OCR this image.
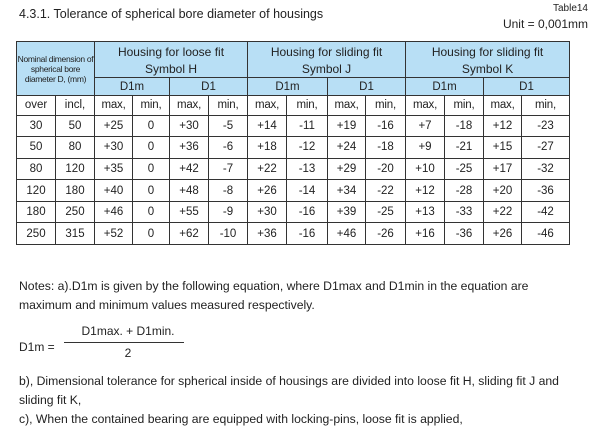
4.3.1. Tolerance of spherical bore diameter of housings	Table14
Unit = 0,001mm
Nominal dimension of spherical bore diameter D, (mm)		Housing for loose fit				Housing for sliding fit				Housing for sliding fit			
		Symbol H				Symbol J				Symbol K			
		D1m		D1		D1m		D1		D1m		D1	
over	incl,	max,	min,	max,	min,	max,	min,	max,	min,	max,	min,	max,	min,
30	50	+25	0	+30	-5	+14	-11	+19	-16	+7	-18	+12	-23
50	80	+30	0	+36	-6	+18	-12	+24	-18	+9	-21	+15	-27
80	120	+35	0	+42	-7	+22	-13	+29	-20	+10	-25	+17	-32
120	180	+40	0	+48	-8	+26	-14	+34	-22	+12	-28	+20	-36
180	250	+46	0	+55	-9	+30	-16	+39	-25	+13	-33	+22	-42
250	315	+52	0	+62	-10	+36	-16	+46	-26	+16	-36	+26	-46
Notes: a).D1m is given by the following equation, where D1max and D1min in the equation are maximum and minimum values measured respectively.
D1m =
D1max. + D1min.
2
b), Dimensional tolerance for spherical inside of housings are divided into loose fit H, sliding fit J and sliding fit K,
c), When the contained bearing are equipped with locking-pins, loose fit is applied,
